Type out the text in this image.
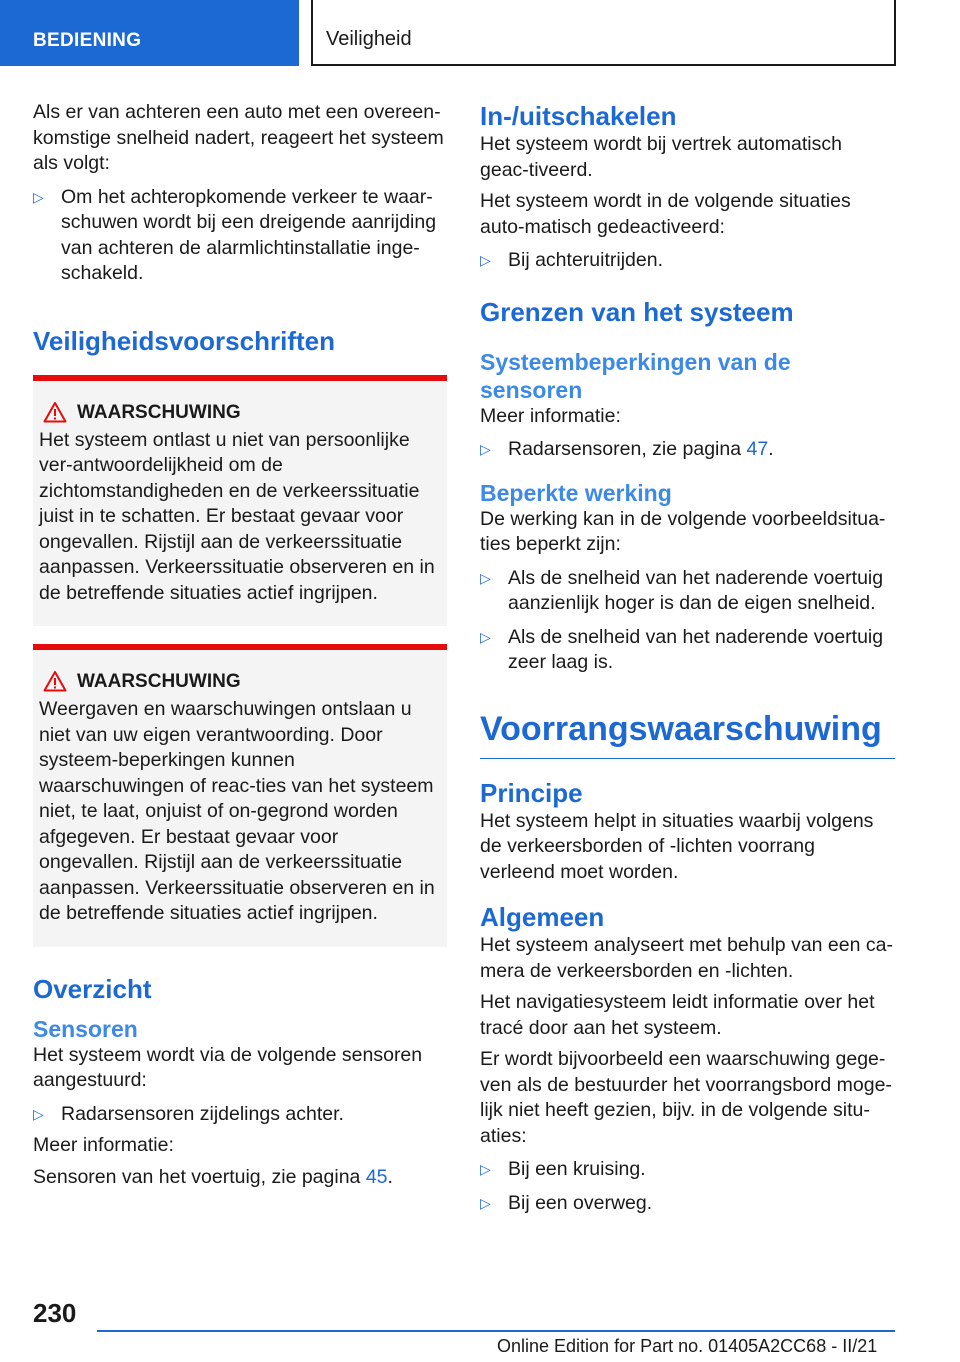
BEDIENING	Veiligheid

Als er van achteren een auto met een overeen-komstige snelheid nadert, reageert het systeem als volgt:

▷ Om het achteropkomende verkeer te waar-schuwen wordt bij een dreigende aanrijding van achteren de alarmlichtinstallatie inge-schakeld.
Veiligheidsvoorschriften
WAARSCHUWING

Het systeem ontlast u niet van persoonlijke ver-antwoordelijkheid om de zichtomstandigheden en de verkeerssituatie juist in te schatten. Er bestaat gevaar voor ongevallen. Rijstijl aan de verkeerssituatie aanpassen. Verkeerssituatie observeren en in de betreffende situaties actief ingrijpen.

WAARSCHUWING

Weergaven en waarschuwingen ontslaan u niet van uw eigen verantwoording. Door systeem-beperkingen kunnen waarschuwingen of reac-ties van het systeem niet, te laat, onjuist of on-gegrond worden afgegeven. Er bestaat gevaar voor ongevallen. Rijstijl aan de verkeerssituatie aanpassen. Verkeerssituatie observeren en in de betreffende situaties actief ingrijpen.

Overzicht
Sensoren

Het systeem wordt via de volgende sensoren aangestuurd:

▷ Radarsensoren zijdelings achter.

Meer informatie:

Sensoren van het voertuig, zie pagina 45.

In-/uitschakelen

Het systeem wordt bij vertrek automatisch geac-tiveerd.

Het systeem wordt in de volgende situaties auto-matisch gedeactiveerd:

▷ Bij achteruitrijden.
Grenzen van het systeem
Systeembeperkingen van de sensoren

Meer informatie:

▷ Radarsensoren, zie pagina 47.
Beperkte werking

De werking kan in de volgende voorbeeldsitua-ties beperkt zijn:

▷ Als de snelheid van het naderende voertuig aanzienlijk hoger is dan de eigen snelheid.
▷ Als de snelheid van het naderende voertuig zeer laag is.
Voorrangswaarschuwing
Principe

Het systeem helpt in situaties waarbij volgens de verkeersborden of -lichten voorrang verleend moet worden.

Algemeen

Het systeem analyseert met behulp van een ca-mera de verkeersborden en -lichten.

Het navigatiesysteem leidt informatie over het tracé door aan het systeem.

Er wordt bijvoorbeeld een waarschuwing gege-ven als de bestuurder het voorrangsbord moge-lijk niet heeft gezien, bijv. in de volgende situ-aties:

▷ Bij een kruising.
▷ Bij een overweg.
230
Online Edition for Part no. 01405A2CC68 - II/21
